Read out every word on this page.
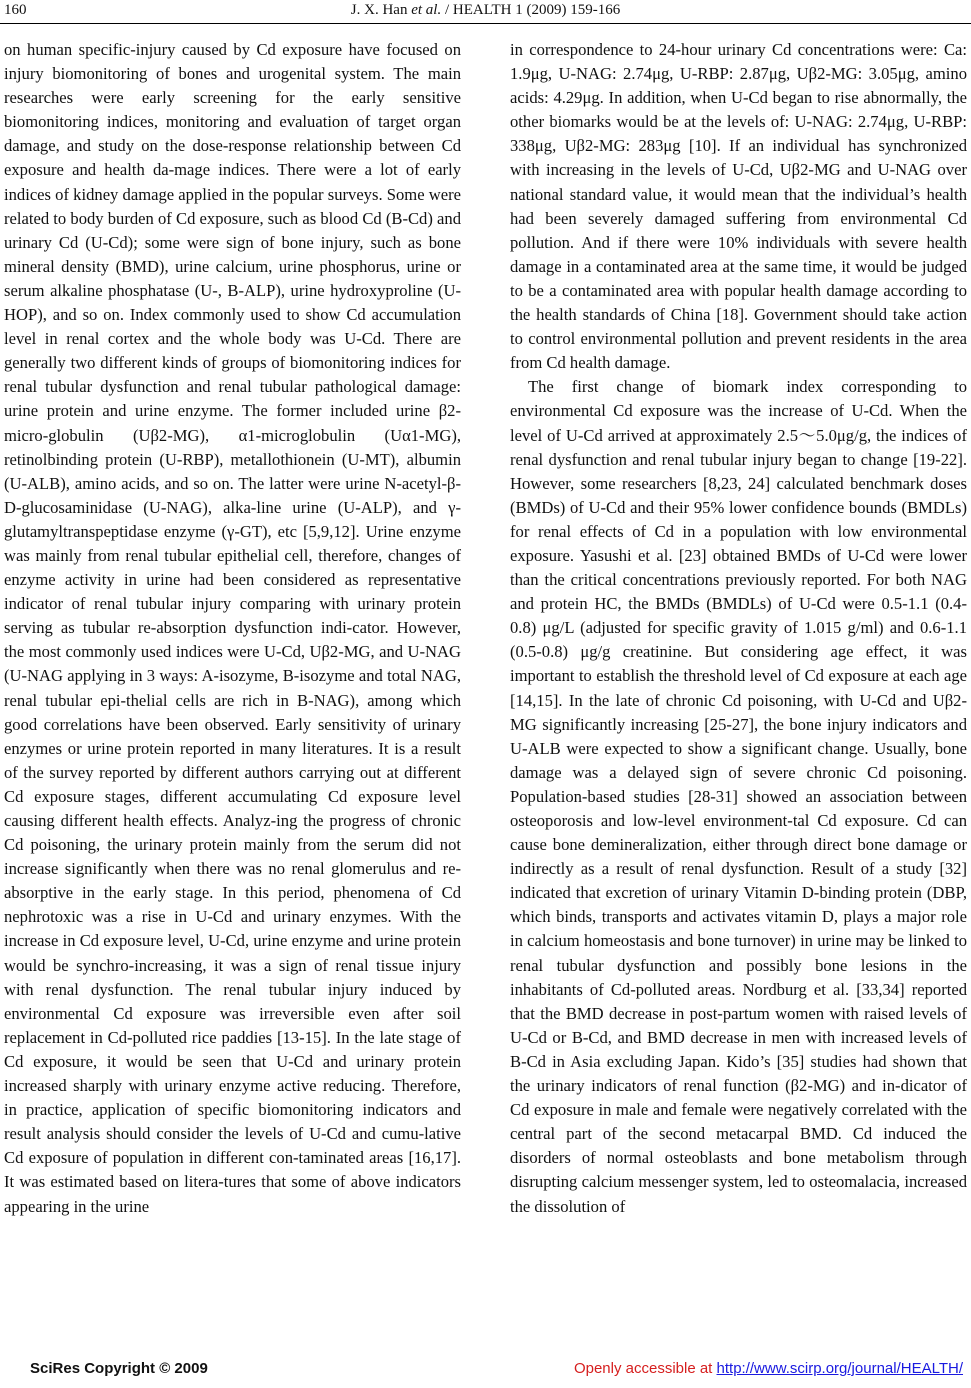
160	J. X. Han et al. / HEALTH 1 (2009) 159-166

on human specific-injury caused by Cd exposure have focused on injury biomonitoring of bones and urogenital system. The main researches were early screening for the early sensitive biomonitoring indices, monitoring and evaluation of target organ damage, and study on the dose-response relationship between Cd exposure and health da-mage indices. There were a lot of early indices of kidney damage applied in the popular surveys. Some were related to body burden of Cd exposure, such as blood Cd (B-Cd) and urinary Cd (U-Cd); some were sign of bone injury, such as bone mineral density (BMD), urine calcium, urine phosphorus, urine or serum alkaline phosphatase (U-, B-ALP), urine hydroxyproline (U-HOP), and so on. Index commonly used to show Cd accumulation level in renal cortex and the whole body was U-Cd. There are generally two different kinds of groups of biomonitoring indices for renal tubular dysfunction and renal tubular pathological damage: urine protein and urine enzyme. The former included urine β2-micro-globulin (Uβ2-MG), α1-microglobulin (Uα1-MG), retinolbinding protein (U-RBP), metallothionein (U-MT), albumin (U-ALB), amino acids, and so on. The latter were urine N-acetyl-β-D-glucosaminidase (U-NAG), alka-line urine (U-ALP), and γ-glutamyltranspeptidase enzyme (γ-GT), etc [5,9,12]. Urine enzyme was mainly from renal tubular epithelial cell, therefore, changes of enzyme activity in urine had been considered as representative indicator of renal tubular injury comparing with urinary protein serving as tubular re-absorption dysfunction indi-cator. However, the most commonly used indices were U-Cd, Uβ2-MG, and U-NAG (U-NAG applying in 3 ways: A-isozyme, B-isozyme and total NAG, renal tubular epi-thelial cells are rich in B-NAG), among which good correlations have been observed. Early sensitivity of urinary enzymes or urine protein reported in many literatures. It is a result of the survey reported by different authors carrying out at different Cd exposure stages, different accumulating Cd exposure level causing different health effects. Analyz-ing the progress of chronic Cd poisoning, the urinary protein mainly from the serum did not increase significantly when there was no renal glomerulus and re-absorptive in the early stage. In this period, phenomena of Cd nephrotoxic was a rise in U-Cd and urinary enzymes. With the increase in Cd exposure level, U-Cd, urine enzyme and urine protein would be synchro-increasing, it was a sign of renal tissue injury with renal dysfunction. The renal tubular injury induced by environmental Cd exposure was irreversible even after soil replacement in Cd-polluted rice paddies [13-15]. In the late stage of Cd exposure, it would be seen that U-Cd and urinary protein increased sharply with urinary enzyme active reducing. Therefore, in practice, application of specific biomonitoring indicators and result analysis should consider the levels of U-Cd and cumu-lative Cd exposure of population in different con-taminated areas [16,17]. It was estimated based on litera-tures that some of above indicators appearing in the urine

in correspondence to 24-hour urinary Cd concentrations were: Ca: 1.9μg, U-NAG: 2.74μg, U-RBP: 2.87μg, Uβ2-MG: 3.05μg, amino acids: 4.29μg. In addition, when U-Cd began to rise abnormally, the other biomarks would be at the levels of: U-NAG: 2.74μg, U-RBP: 338μg, Uβ2-MG: 283μg [10]. If an individual has synchronized with increasing in the levels of U-Cd, Uβ2-MG and U-NAG over national standard value, it would mean that the individual’s health had been severely damaged suffering from environmental Cd pollution. And if there were 10% individuals with severe health damage in a contaminated area at the same time, it would be judged to be a contaminated area with popular health damage according to the health standards of China [18]. Government should take action to control environmental pollution and prevent residents in the area from Cd health damage.

The first change of biomark index corresponding to environmental Cd exposure was the increase of U-Cd. When the level of U-Cd arrived at approximately 2.5～5.0μg/g, the indices of renal dysfunction and renal tubular injury began to change [19-22]. However, some researchers [8,23, 24] calculated benchmark doses (BMDs) of U-Cd and their 95% lower confidence bounds (BMDLs) for renal effects of Cd in a population with low environmental exposure. Yasushi et al. [23] obtained BMDs of U-Cd were lower than the critical concentrations previously reported. For both NAG and protein HC, the BMDs (BMDLs) of U-Cd were 0.5-1.1 (0.4-0.8) μg/L (adjusted for specific gravity of 1.015 g/ml) and 0.6-1.1 (0.5-0.8) μg/g creatinine. But considering age effect, it was important to establish the threshold level of Cd exposure at each age [14,15]. In the late of chronic Cd poisoning, with U-Cd and Uβ2-MG significantly increasing [25-27], the bone injury indicators and U-ALB were expected to show a significant change. Usually, bone damage was a delayed sign of severe chronic Cd poisoning. Population-based studies [28-31] showed an association between osteoporosis and low-level environment-tal Cd exposure. Cd can cause bone demineralization, either through direct bone damage or indirectly as a result of renal dysfunction. Result of a study [32] indicated that excretion of urinary Vitamin D-binding protein (DBP, which binds, transports and activates vitamin D, plays a major role in calcium homeostasis and bone turnover) in urine may be linked to renal tubular dysfunction and possibly bone lesions in the inhabitants of Cd-polluted areas. Nordburg et al. [33,34] reported that the BMD decrease in post-partum women with raised levels of U-Cd or B-Cd, and BMD decrease in men with increased levels of B-Cd in Asia excluding Japan. Kido’s [35] studies had shown that the urinary indicators of renal function (β2-MG) and in-dicator of Cd exposure in male and female were negatively correlated with the central part of the second metacarpal BMD. Cd induced the disorders of normal osteoblasts and bone metabolism through disrupting calcium messenger system, led to osteomalacia, increased the dissolution of

SciRes Copyright © 2009	Openly accessible at http://www.scirp.org/journal/HEALTH/
